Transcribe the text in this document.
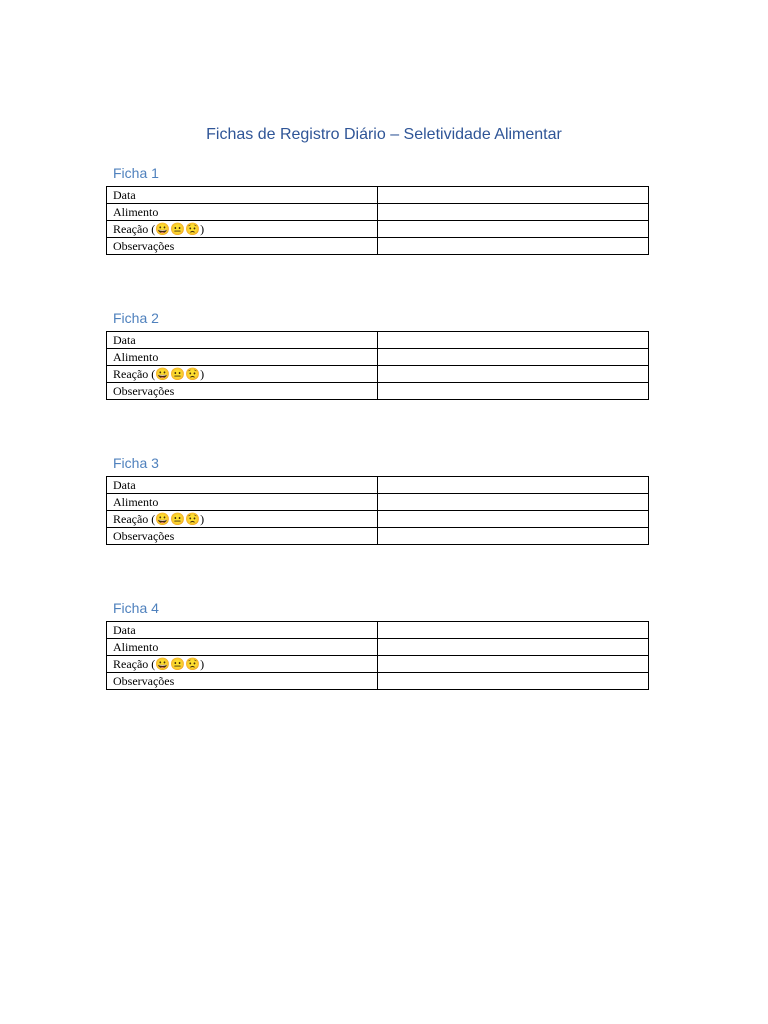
Fichas de Registro Diário – Seletividade Alimentar
Ficha 1
Data	
Alimento	
Reação (😀😐😟)	
Observações	
Ficha 2
Data	
Alimento	
Reação (😀😐😟)	
Observações	
Ficha 3
Data	
Alimento	
Reação (😀😐😟)	
Observações	
Ficha 4
Data	
Alimento	
Reação (😀😐😟)	
Observações	
